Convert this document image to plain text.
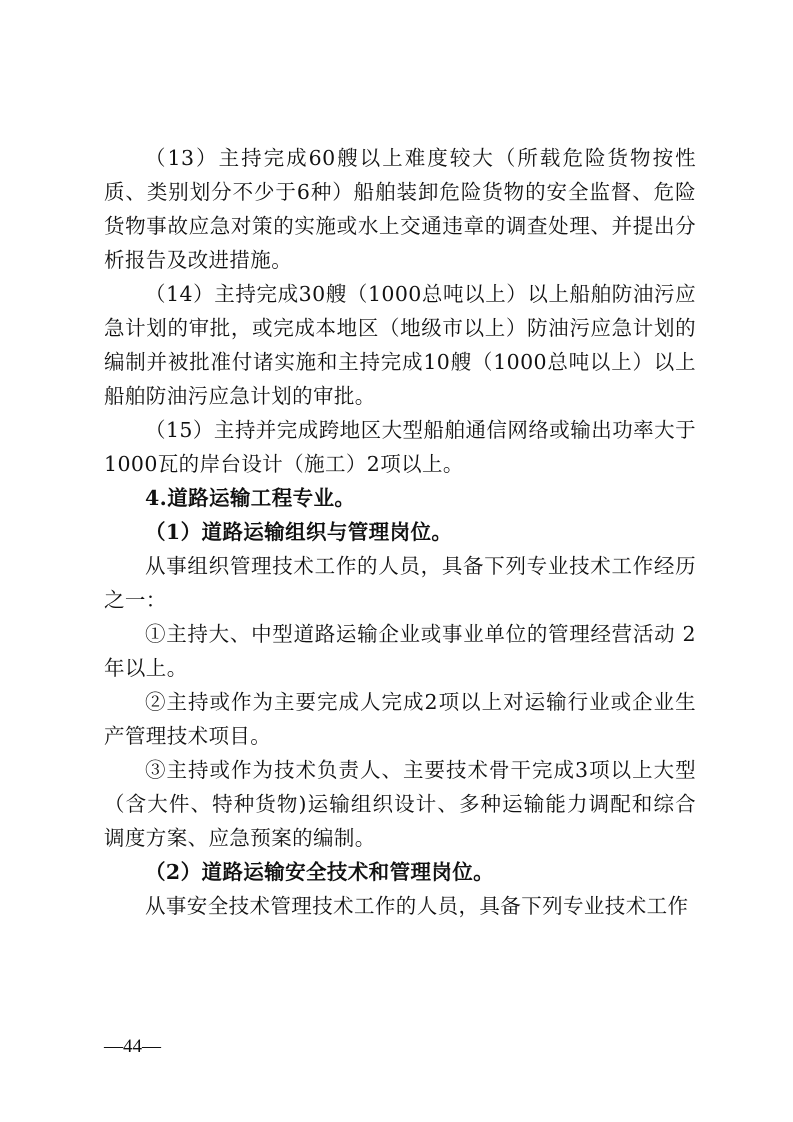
（13）主持完成60艘以上难度较大（所载危险货物按性质、类别划分不少于6种）船舶装卸危险货物的安全监督、危险货物事故应急对策的实施或水上交通违章的调查处理、并提出分析报告及改进措施。

（14）主持完成30艘（1000总吨以上）以上船舶防油污应急计划的审批，或完成本地区（地级市以上）防油污应急计划的编制并被批准付诸实施和主持完成10艘（1000总吨以上）以上船舶防油污应急计划的审批。

（15）主持并完成跨地区大型船舶通信网络或输出功率大于1000瓦的岸台设计（施工）2项以上。

4.道路运输工程专业。

（1）道路运输组织与管理岗位。

从事组织管理技术工作的人员，具备下列专业技术工作经历之一：

①主持大、中型道路运输企业或事业单位的管理经营活动 2年以上。

②主持或作为主要完成人完成2项以上对运输行业或企业生产管理技术项目。

③主持或作为技术负责人、主要技术骨干完成3项以上大型（含大件、特种货物)运输组织设计、多种运输能力调配和综合调度方案、应急预案的编制。

（2）道路运输安全技术和管理岗位。

从事安全技术管理技术工作的人员，具备下列专业技术工作

—44—
